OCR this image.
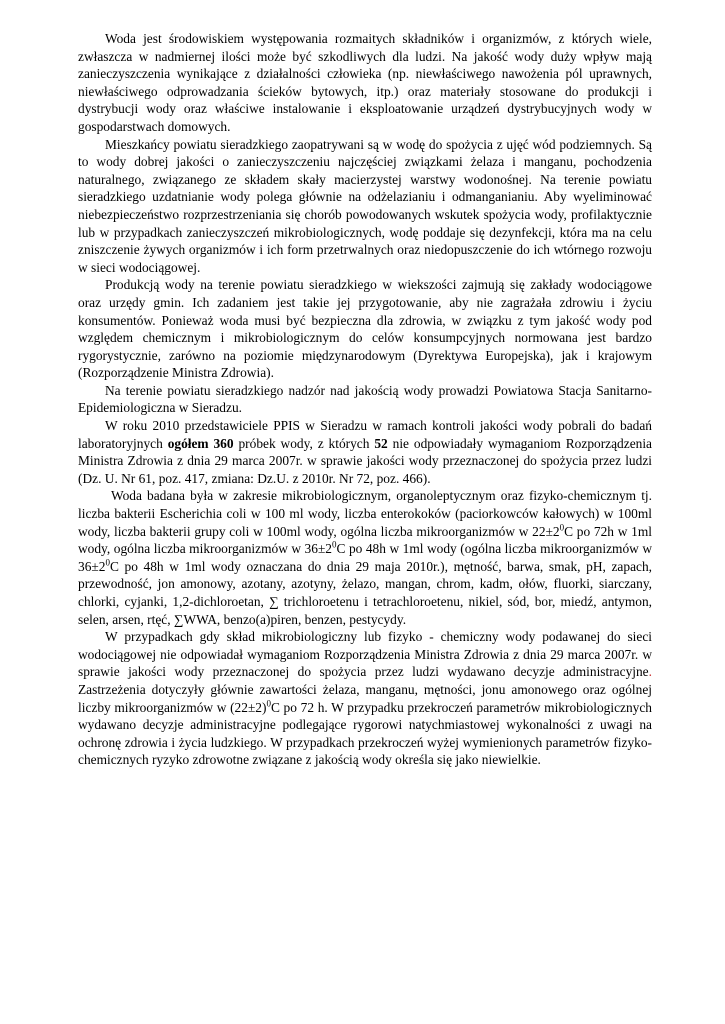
Woda jest środowiskiem występowania rozmaitych składników i organizmów, z których wiele, zwłaszcza w nadmiernej ilości może być szkodliwych dla ludzi. Na jakość wody duży wpływ mają zanieczyszczenia wynikające z działalności człowieka (np. niewłaściwego nawożenia pól uprawnych, niewłaściwego odprowadzania ścieków bytowych, itp.) oraz materiały stosowane do produkcji i dystrybucji wody oraz właściwe instalowanie i eksploatowanie urządzeń dystrybucyjnych wody w gospodarstwach domowych.

Mieszkańcy powiatu sieradzkiego zaopatrywani są w wodę do spożycia z ujęć wód podziemnych. Są to wody dobrej jakości o zanieczyszczeniu najczęściej związkami żelaza i manganu, pochodzenia naturalnego, związanego ze składem skały macierzystej warstwy wodonośnej. Na terenie powiatu sieradzkiego uzdatnianie wody polega głównie na odżelazianiu i odmanganianiu. Aby wyeliminować niebezpieczeństwo rozprzestrzeniania się chorób powodowanych wskutek spożycia wody, profilaktycznie lub w przypadkach zanieczyszczeń mikrobiologicznych, wodę poddaje się dezynfekcji, która ma na celu zniszczenie żywych organizmów i ich form przetrwalnych oraz niedopuszczenie do ich wtórnego rozwoju w sieci wodociągowej.

Produkcją wody na terenie powiatu sieradzkiego w wiekszości zajmują się zakłady wodociągowe oraz urzędy gmin. Ich zadaniem jest takie jej przygotowanie, aby nie zagrażała zdrowiu i życiu konsumentów. Ponieważ woda musi być bezpieczna dla zdrowia, w związku z tym jakość wody pod względem chemicznym i mikrobiologicznym do celów konsumpcyjnych normowana jest bardzo rygorystycznie, zarówno na poziomie międzynarodowym (Dyrektywa Europejska), jak i krajowym (Rozporządzenie Ministra Zdrowia).

Na terenie powiatu sieradzkiego nadzór nad jakością wody prowadzi Powiatowa Stacja Sanitarno-Epidemiologiczna w Sieradzu.

W roku 2010 przedstawiciele PPIS w Sieradzu w ramach kontroli jakości wody pobrali do badań laboratoryjnych ogółem 360 próbek wody, z których 52 nie odpowiadały wymaganiom Rozporządzenia Ministra Zdrowia z dnia 29 marca 2007r. w sprawie jakości wody przeznaczonej do spożycia przez ludzi (Dz. U. Nr 61, poz. 417, zmiana: Dz.U. z 2010r. Nr 72, poz. 466).

Woda badana była w zakresie mikrobiologicznym, organoleptycznym oraz fizyko-chemicznym tj. liczba bakterii Escherichia coli w 100 ml wody, liczba enterokoków (paciorkowców kałowych) w 100ml wody, liczba bakterii grupy coli w 100ml wody, ogólna liczba mikroorganizmów w $22\pm 2^0C$ po 72h w 1ml wody, ogólna liczba mikroorganizmów w $36\pm 2^0C$ po 48h w 1ml wody (ogólna liczba mikroorganizmów w $36\pm 2^0C$ po 48h w 1ml wody oznaczana do dnia 29 maja 2010r.), mętność, barwa, smak, pH, zapach, przewodność, jon amonowy, azotany, azotyny, żelazo, mangan, chrom, kadm, ołów, fluorki, siarczany, chlorki, cyjanki, 1,2-dichloroetan, ∑ trichloroetenu i tetrachloroetenu, nikiel, sód, bor, miedź, antymon, selen, arsen, rtęć, ∑WWA, benzo(a)piren, benzen, pestycydy.

W przypadkach gdy skład mikrobiologiczny lub fizyko - chemiczny wody podawanej do sieci wodociągowej nie odpowiadał wymaganiom Rozporządzenia Ministra Zdrowia z dnia 29 marca 2007r. w sprawie jakości wody przeznaczonej do spożycia przez ludzi wydawano decyzje administracyjne. Zastrzeżenia dotyczyły głównie zawartości żelaza, manganu, mętności, jonu amonowego oraz ogólnej liczby mikroorganizmów w $(22\pm 2)^0C$ po 72 h. W przypadku przekroczeń parametrów mikrobiologicznych wydawano decyzje administracyjne podlegające rygorowi natychmiastowej wykonalności z uwagi na ochronę zdrowia i życia ludzkiego. W przypadkach przekroczeń wyżej wymienionych parametrów fizyko-chemicznych ryzyko zdrowotne związane z jakością wody określa się jako niewielkie.
